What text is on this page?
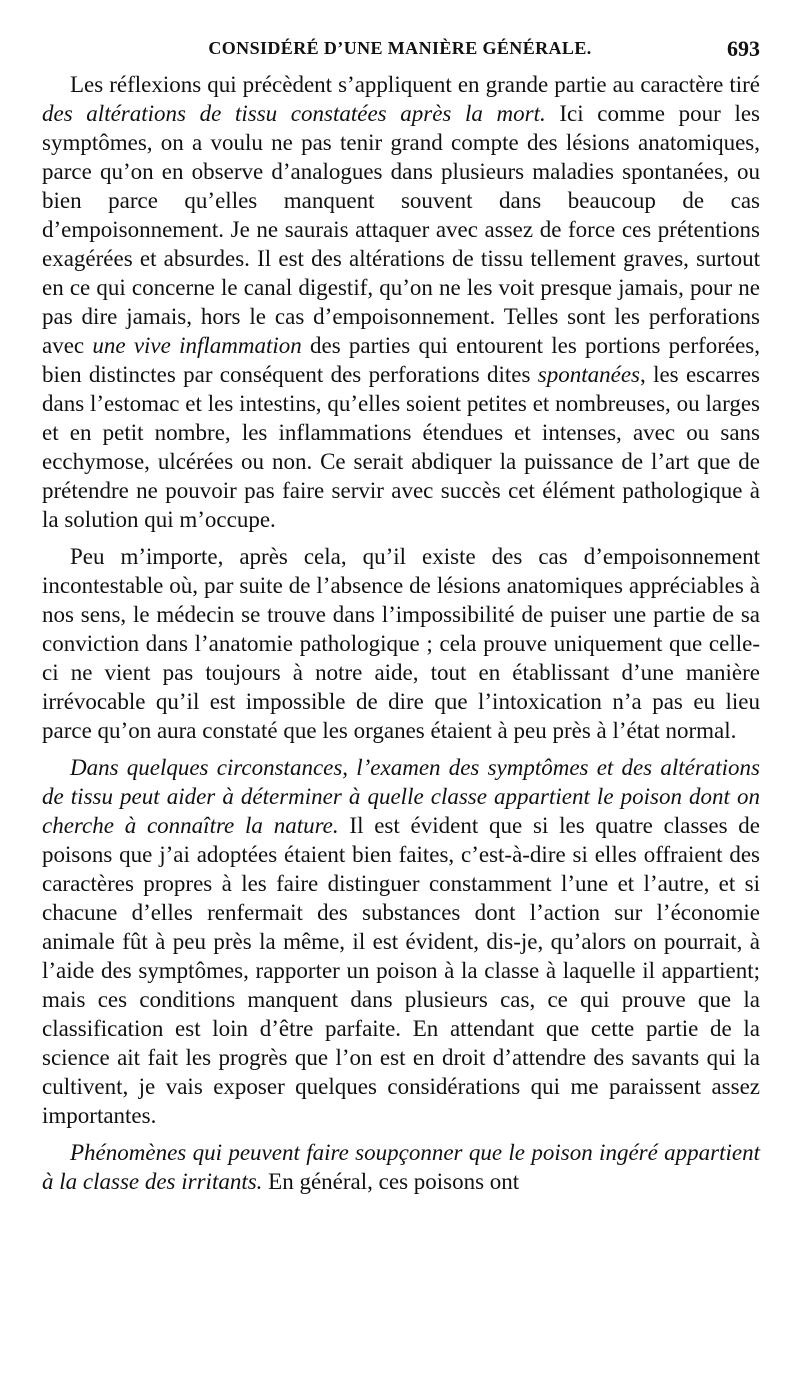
CONSIDÉRÉ D’UNE MANIÈRE GÉNÉRALE.	693

Les réflexions qui précèdent s’appliquent en grande partie au caractère tiré des altérations de tissu constatées après la mort. Ici comme pour les symptômes, on a voulu ne pas tenir grand compte des lésions anatomiques, parce qu’on en observe d’analogues dans plusieurs maladies spontanées, ou bien parce qu’elles manquent souvent dans beaucoup de cas d’empoisonnement. Je ne saurais attaquer avec assez de force ces prétentions exagérées et absurdes. Il est des altérations de tissu tellement graves, surtout en ce qui concerne le canal digestif, qu’on ne les voit presque jamais, pour ne pas dire jamais, hors le cas d’empoisonnement. Telles sont les perforations avec une vive inflammation des parties qui entourent les portions perforées, bien distinctes par conséquent des perforations dites spontanées, les escarres dans l’estomac et les intestins, qu’elles soient petites et nombreuses, ou larges et en petit nombre, les inflammations étendues et intenses, avec ou sans ecchymose, ulcérées ou non. Ce serait abdiquer la puissance de l’art que de prétendre ne pouvoir pas faire servir avec succès cet élément pathologique à la solution qui m’occupe.

Peu m’importe, après cela, qu’il existe des cas d’empoisonnement incontestable où, par suite de l’absence de lésions anatomiques appréciables à nos sens, le médecin se trouve dans l’impossibilité de puiser une partie de sa conviction dans l’anatomie pathologique ; cela prouve uniquement que celle-ci ne vient pas toujours à notre aide, tout en établissant d’une manière irrévocable qu’il est impossible de dire que l’intoxication n’a pas eu lieu parce qu’on aura constaté que les organes étaient à peu près à l’état normal.

Dans quelques circonstances, l’examen des symptômes et des altérations de tissu peut aider à déterminer à quelle classe appartient le poison dont on cherche à connaître la nature. Il est évident que si les quatre classes de poisons que j’ai adoptées étaient bien faites, c’est-à-dire si elles offraient des caractères propres à les faire distinguer constamment l’une et l’autre, et si chacune d’elles renfermait des substances dont l’action sur l’économie animale fût à peu près la même, il est évident, dis-je, qu’alors on pourrait, à l’aide des symptômes, rapporter un poison à la classe à laquelle il appartient; mais ces conditions manquent dans plusieurs cas, ce qui prouve que la classification est loin d’être parfaite. En attendant que cette partie de la science ait fait les progrès que l’on est en droit d’attendre des savants qui la cultivent, je vais exposer quelques considérations qui me paraissent assez importantes.

Phénomènes qui peuvent faire soupçonner que le poison ingéré appartient à la classe des irritants. En général, ces poisons ont
